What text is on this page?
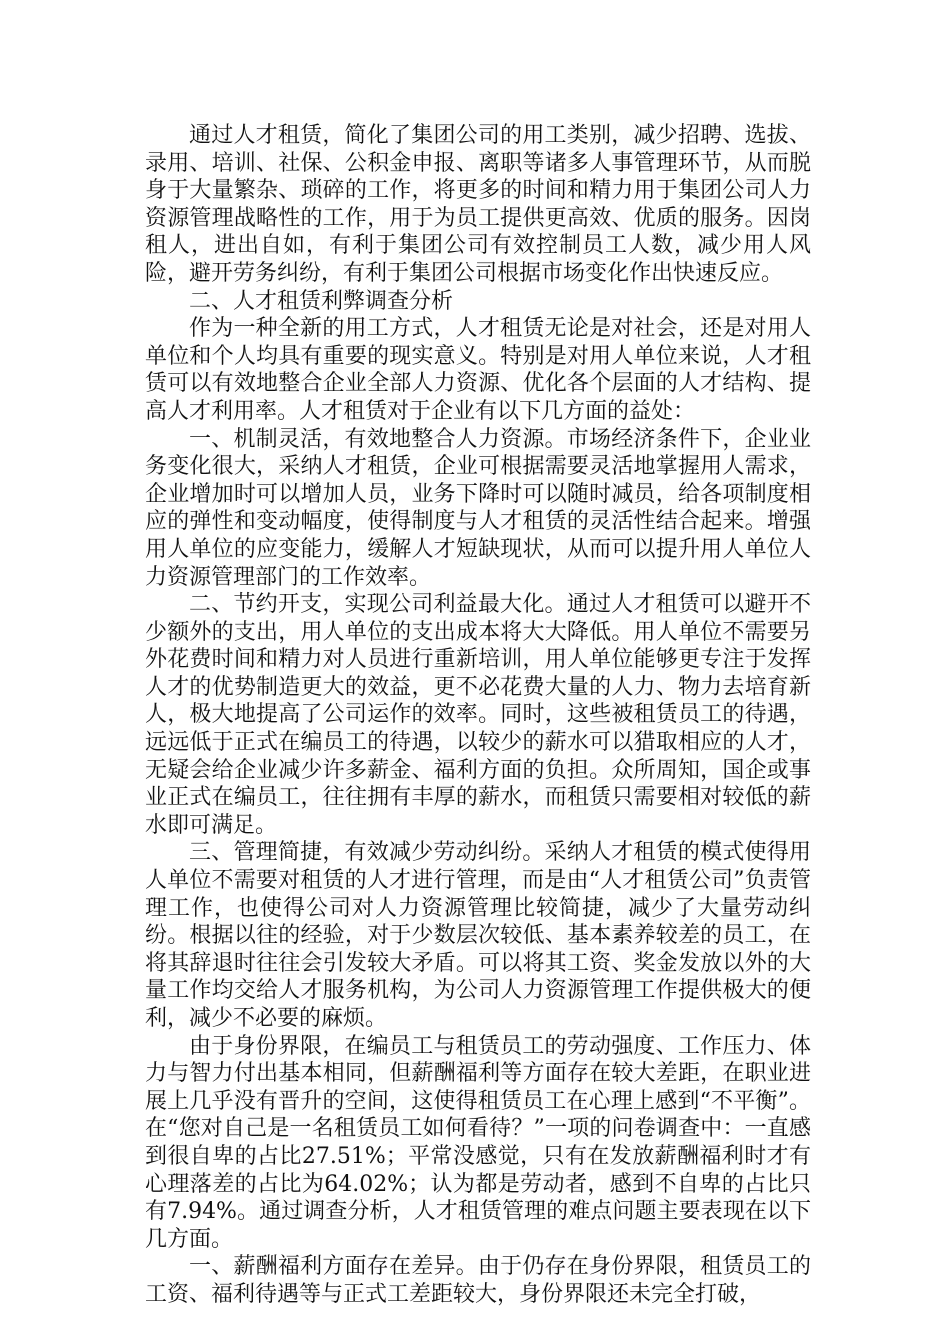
通过人才租赁，简化了集团公司的用工类别，减少招聘、选拔、录用、培训、社保、公积金申报、离职等诸多人事管理环节，从而脱身于大量繁杂、琐碎的工作，将更多的时间和精力用于集团公司人力资源管理战略性的工作，用于为员工提供更高效、优质的服务。因岗租人，进出自如，有利于集团公司有效控制员工人数，减少用人风险，避开劳务纠纷，有利于集团公司根据市场变化作出快速反应。

二、人才租赁利弊调查分析

作为一种全新的用工方式，人才租赁无论是对社会，还是对用人单位和个人均具有重要的现实意义。特别是对用人单位来说，人才租赁可以有效地整合企业全部人力资源、优化各个层面的人才结构、提高人才利用率。人才租赁对于企业有以下几方面的益处：

一、机制灵活，有效地整合人力资源。市场经济条件下，企业业务变化很大，采纳人才租赁，企业可根据需要灵活地掌握用人需求，企业增加时可以增加人员，业务下降时可以随时减员，给各项制度相应的弹性和变动幅度，使得制度与人才租赁的灵活性结合起来。增强用人单位的应变能力，缓解人才短缺现状，从而可以提升用人单位人力资源管理部门的工作效率。

二、节约开支，实现公司利益最大化。通过人才租赁可以避开不少额外的支出，用人单位的支出成本将大大降低。用人单位不需要另外花费时间和精力对人员进行重新培训，用人单位能够更专注于发挥人才的优势制造更大的效益，更不必花费大量的人力、物力去培育新人，极大地提高了公司运作的效率。同时，这些被租赁员工的待遇，远远低于正式在编员工的待遇，以较少的薪水可以猎取相应的人才，无疑会给企业减少许多薪金、福利方面的负担。众所周知，国企或事业正式在编员工，往往拥有丰厚的薪水，而租赁只需要相对较低的薪水即可满足。

三、管理简捷，有效减少劳动纠纷。采纳人才租赁的模式使得用人单位不需要对租赁的人才进行管理，而是由“人才租赁公司”负责管理工作，也使得公司对人力资源管理比较简捷，减少了大量劳动纠纷。根据以往的经验，对于少数层次较低、基本素养较差的员工，在将其辞退时往往会引发较大矛盾。可以将其工资、奖金发放以外的大量工作均交给人才服务机构，为公司人力资源管理工作提供极大的便利，减少不必要的麻烦。

由于身份界限，在编员工与租赁员工的劳动强度、工作压力、体力与智力付出基本相同，但薪酬福利等方面存在较大差距，在职业进展上几乎没有晋升的空间，这使得租赁员工在心理上感到“不平衡”。在“您对自己是一名租赁员工如何看待？”一项的问卷调查中：一直感到很自卑的占比27.51%；平常没感觉，只有在发放薪酬福利时才有心理落差的占比为64.02%；认为都是劳动者，感到不自卑的占比只有7.94%。通过调查分析，人才租赁管理的难点问题主要表现在以下几方面。

一、薪酬福利方面存在差异。由于仍存在身份界限，租赁员工的工资、福利待遇等与正式工差距较大，身份界限还未完全打破，
